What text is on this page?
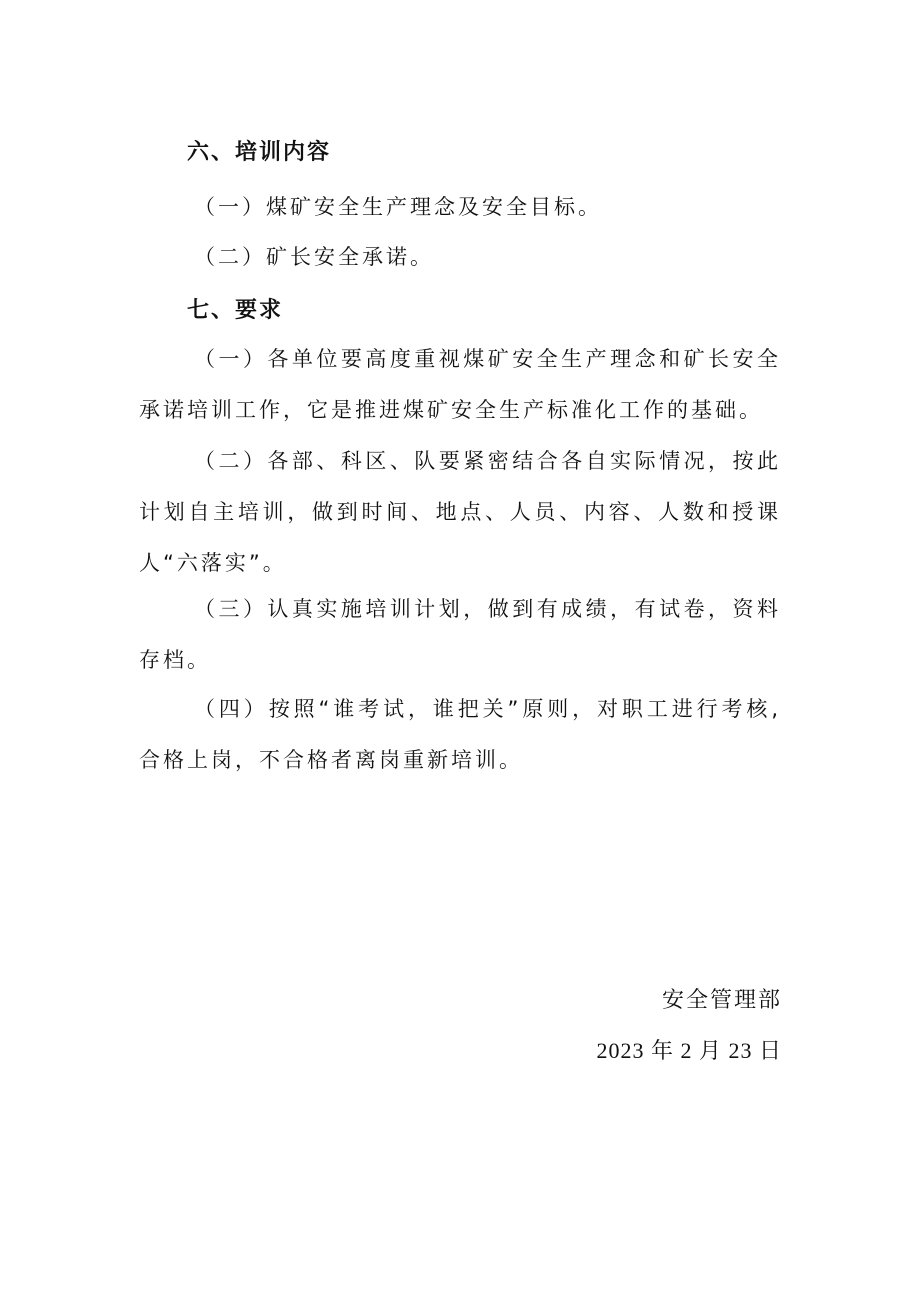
六、培训内容

（一）煤矿安全生产理念及安全目标。

（二）矿长安全承诺。

七、要求

（一）各单位要高度重视煤矿安全生产理念和矿长安全承诺培训工作，它是推进煤矿安全生产标准化工作的基础。

（二）各部、科区、队要紧密结合各自实际情况，按此计划自主培训，做到时间、地点、人员、内容、人数和授课人“六落实”。

（三）认真实施培训计划，做到有成绩，有试卷，资料存档。

（四）按照“谁考试，谁把关”原则，对职工进行考核,合格上岗，不合格者离岗重新培训。

安全管理部
2023 年 2 月 23 日
